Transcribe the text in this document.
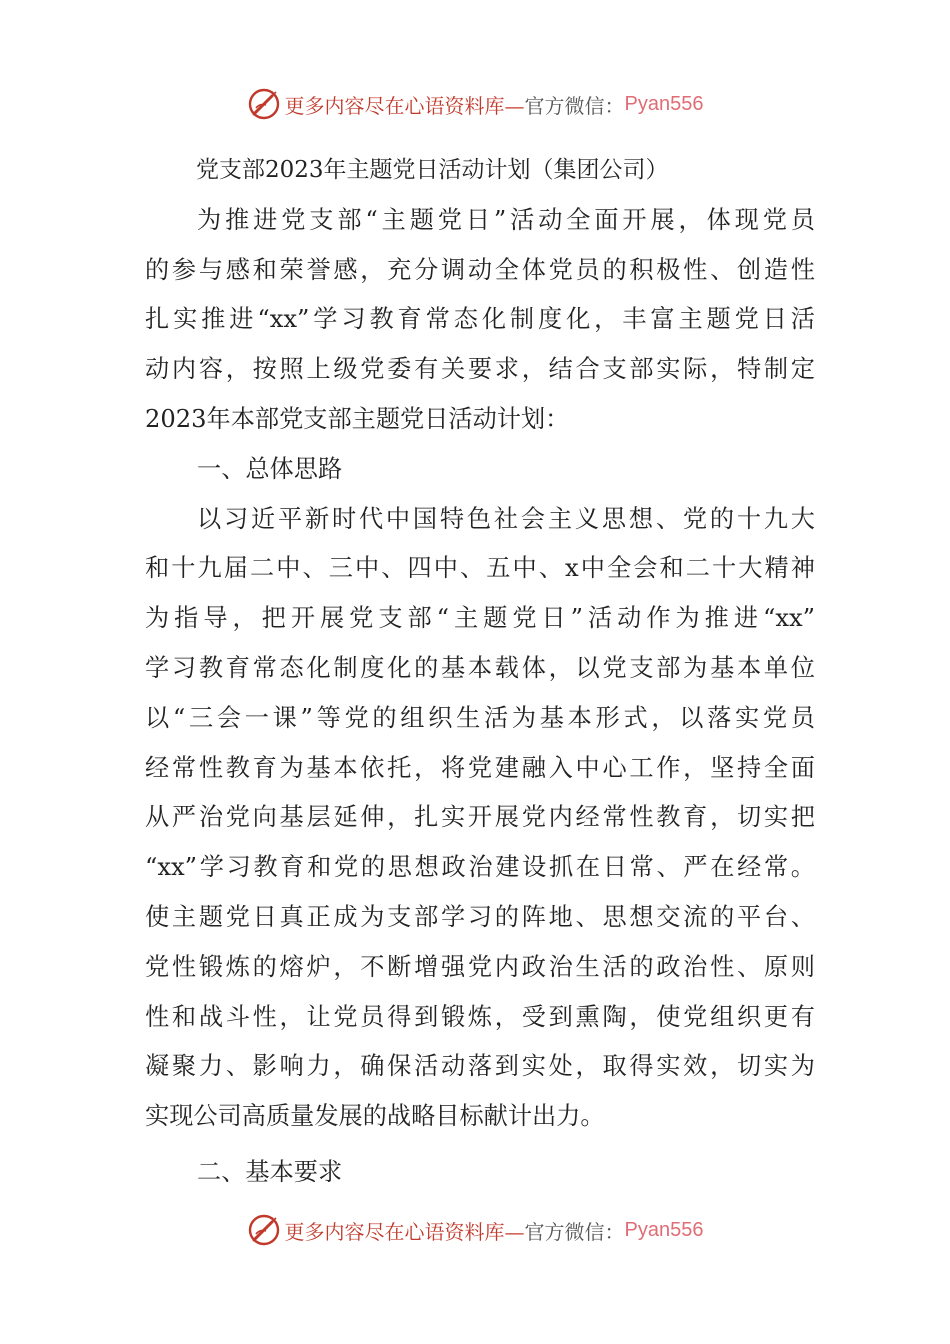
更多内容尽在心语资料库— 官方微信： Pyan556
党支部2023年主题党日活动计划（集团公司）
为推进党支部“主题党日”活动全面开展，体现党员
的参与感和荣誉感，充分调动全体党员的积极性、创造性
扎实推进“xx”学习教育常态化制度化，丰富主题党日活
动内容，按照上级党委有关要求，结合支部实际，特制定
2023年本部党支部主题党日活动计划：
一、总体思路
以习近平新时代中国特色社会主义思想、党的十九大
和十九届二中、三中、四中、五中、x中全会和二十大精神
为指导，把开展党支部“主题党日”活动作为推进“xx”
学习教育常态化制度化的基本载体，以党支部为基本单位
以“三会一课”等党的组织生活为基本形式，以落实党员
经常性教育为基本依托，将党建融入中心工作，坚持全面
从严治党向基层延伸，扎实开展党内经常性教育，切实把
“xx”学习教育和党的思想政治建设抓在日常、严在经常。
使主题党日真正成为支部学习的阵地、思想交流的平台、
党性锻炼的熔炉，不断增强党内政治生活的政治性、原则
性和战斗性，让党员得到锻炼，受到熏陶，使党组织更有
凝聚力、影响力，确保活动落到实处，取得实效，切实为
实现公司高质量发展的战略目标献计出力。
二、基本要求
更多内容尽在心语资料库— 官方微信： Pyan556
